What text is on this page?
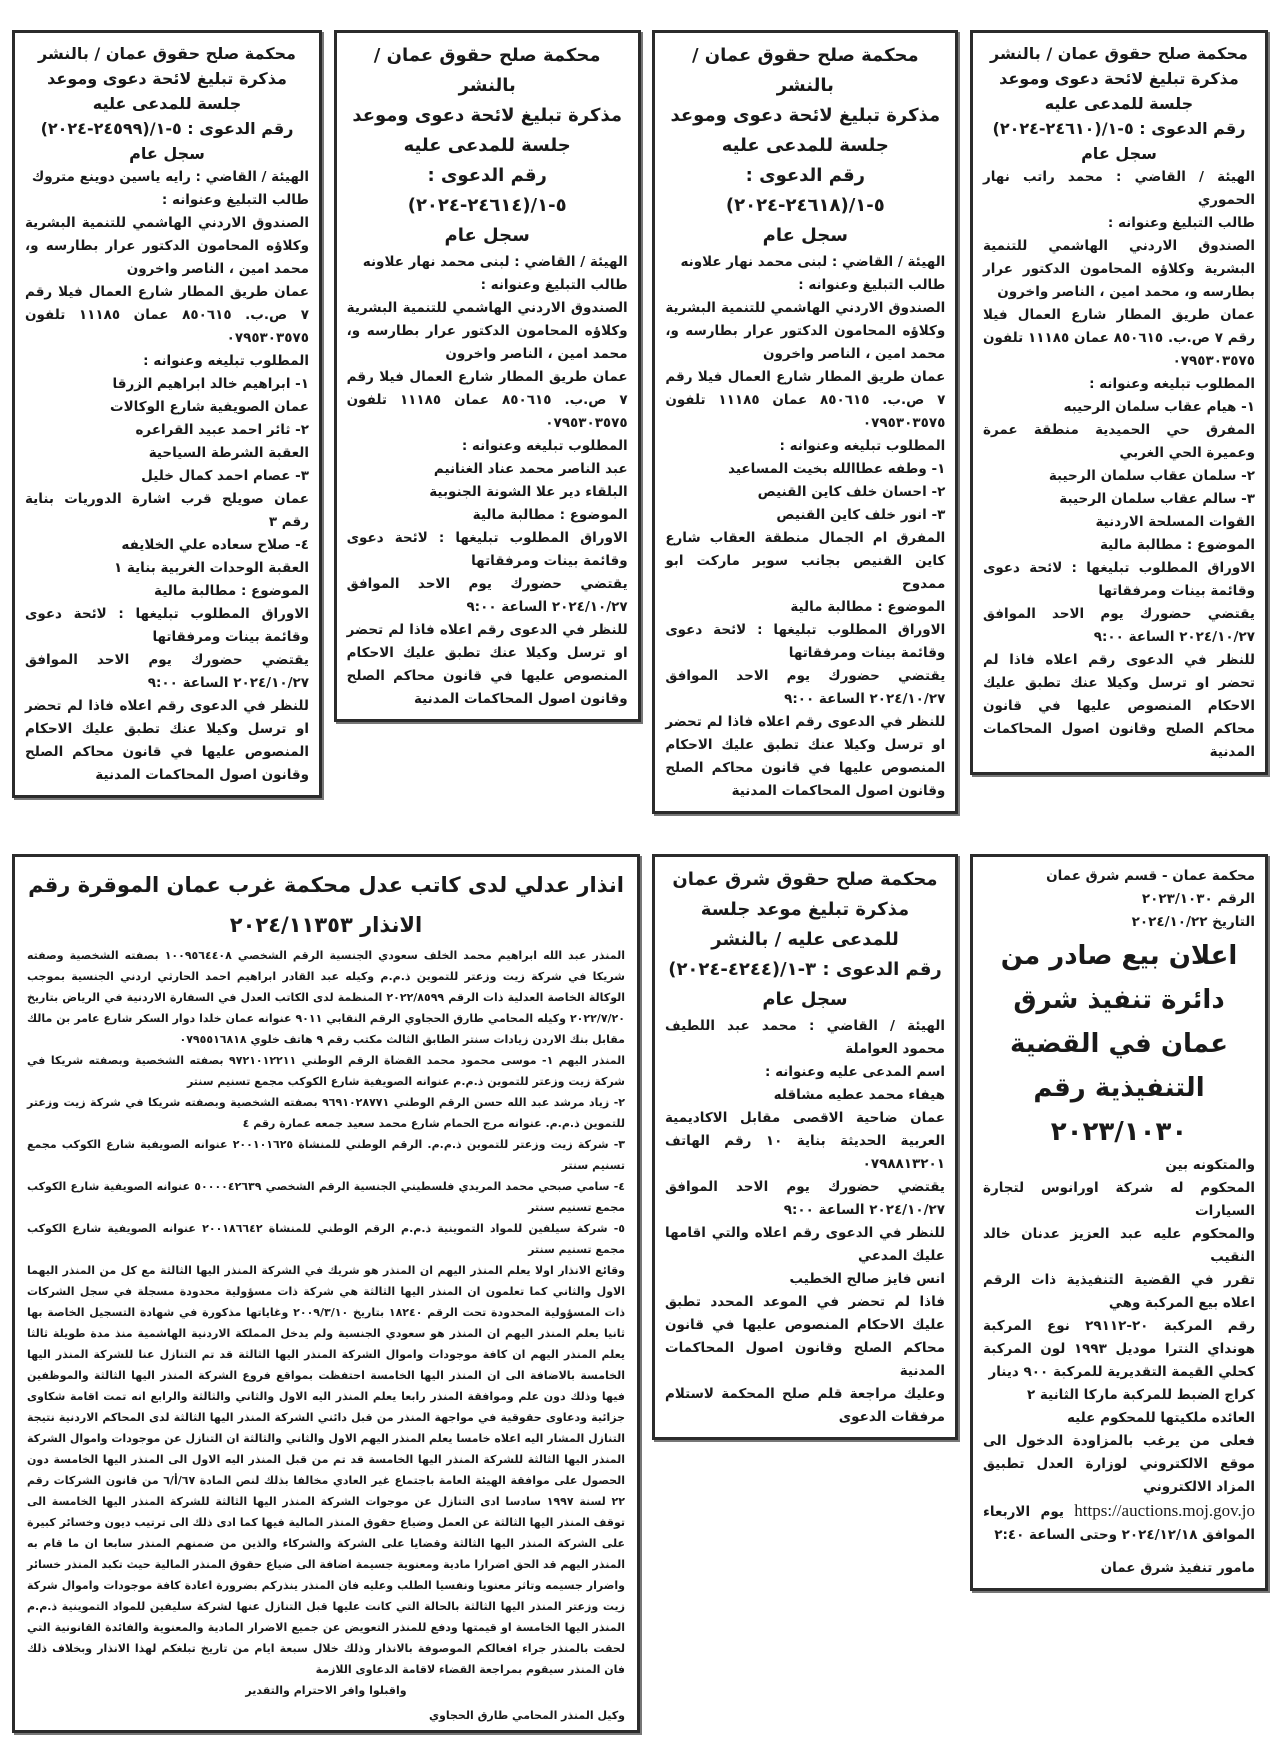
محكمة صلح حقوق عمان / بالنشر
مذكرة تبليغ لائحة دعوى وموعد جلسة للمدعى عليه
رقم الدعوى : ٥-١/(٢٤٦١٠-٢٠٢٤)
سجل عام
الهيئة / القاضي : محمد راتب نهار الحموري
طالب التبليغ وعنوانه :
الصندوق الاردني الهاشمي للتنمية البشرية وكلاؤه المحامون الدكتور عرار بطارسه و، محمد امين ، الناصر واخرون
عمان طريق المطار شارع العمال فيلا رقم ٧ ص.ب. ٨٥٠٦١٥ عمان ١١١٨٥ تلفون ٠٧٩٥٣٠٣٥٧٥
المطلوب تبليغه وعنوانه :
١- هيام عقاب سلمان الرحيبه
المفرق حي الحميدية منطقة عمرة وعميرة الحي الغربي
٢- سلمان عقاب سلمان الرحيبة
٣- سالم عقاب سلمان الرحيبة
القوات المسلحة الاردنية
الموضوع : مطالبة مالية
الاوراق المطلوب تبليغها : لائحة دعوى وقائمة بينات ومرفقاتها
يقتضي حضورك يوم الاحد الموافق ٢٠٢٤/١٠/٢٧ الساعة ٩:٠٠
للنظر في الدعوى رقم اعلاه فاذا لم تحضر او ترسل وكيلا عنك تطبق عليك الاحكام المنصوص عليها في قانون محاكم الصلح وقانون اصول المحاكمات المدنية
محكمة صلح حقوق عمان / بالنشر
مذكرة تبليغ لائحة دعوى وموعد جلسة للمدعى عليه
رقم الدعوى : ٥-١/(٢٤٦١٨-٢٠٢٤)
سجل عام
الهيئة / القاضي : لبنى محمد نهار علاونه
طالب التبليغ وعنوانه :
الصندوق الاردني الهاشمي للتنمية البشرية وكلاؤه المحامون الدكتور عرار بطارسه و، محمد امين ، الناصر واخرون
عمان طريق المطار شارع العمال فيلا رقم ٧ ص.ب. ٨٥٠٦١٥ عمان ١١١٨٥ تلفون ٠٧٩٥٣٠٣٥٧٥
المطلوب تبليغه وعنوانه :
١- وطفه عطاالله بخيت المساعيد
٢- احسان خلف كاين القنيص
٣- انور خلف كاين القنيص
المفرق ام الجمال منطقة العقاب شارع كاين القنيص بجانب سوبر ماركت ابو ممدوح
الموضوع : مطالبة مالية
الاوراق المطلوب تبليغها : لائحة دعوى وقائمة بينات ومرفقاتها
يقتضي حضورك يوم الاحد الموافق ٢٠٢٤/١٠/٢٧ الساعة ٩:٠٠
للنظر في الدعوى رقم اعلاه فاذا لم تحضر او ترسل وكيلا عنك تطبق عليك الاحكام المنصوص عليها في قانون محاكم الصلح وقانون اصول المحاكمات المدنية
محكمة صلح حقوق عمان / بالنشر
مذكرة تبليغ لائحة دعوى وموعد جلسة للمدعى عليه
رقم الدعوى : ٥-١/(٢٤٦١٤-٢٠٢٤)
سجل عام
الهيئة / القاضي : لبنى محمد نهار علاونه
طالب التبليغ وعنوانه :
الصندوق الاردني الهاشمي للتنمية البشرية وكلاؤه المحامون الدكتور عرار بطارسه و، محمد امين ، الناصر واخرون
عمان طريق المطار شارع العمال فيلا رقم ٧ ص.ب. ٨٥٠٦١٥ عمان ١١١٨٥ تلفون ٠٧٩٥٣٠٣٥٧٥
المطلوب تبليغه وعنوانه :
عبد الناصر محمد عناد الغنانيم
البلقاء دير علا الشونة الجنوبية
الموضوع : مطالبة مالية
الاوراق المطلوب تبليغها : لائحة دعوى وقائمة بينات ومرفقاتها
يقتضي حضورك يوم الاحد الموافق ٢٠٢٤/١٠/٢٧ الساعة ٩:٠٠
للنظر في الدعوى رقم اعلاه فاذا لم تحضر او ترسل وكيلا عنك تطبق عليك الاحكام المنصوص عليها في قانون محاكم الصلح وقانون اصول المحاكمات المدنية
محكمة صلح حقوق عمان / بالنشر
مذكرة تبليغ لائحة دعوى وموعد جلسة للمدعى عليه
رقم الدعوى : ٥-١/(٢٤٥٩٩-٢٠٢٤) سجل عام
الهيئة / القاضي : رايه ياسين دوينع متروك
طالب التبليغ وعنوانه :
الصندوق الاردني الهاشمي للتنمية البشرية وكلاؤه المحامون الدكتور عرار بطارسه و، محمد امين ، الناصر واخرون
عمان طريق المطار شارع العمال فيلا رقم ٧ ص.ب. ٨٥٠٦١٥ عمان ١١١٨٥ تلفون ٠٧٩٥٣٠٣٥٧٥
المطلوب تبليغه وعنوانه :
١- ابراهيم خالد ابراهيم الزرقا
عمان الصويفية شارع الوكالات
٢- ثائر احمد عبيد القراعره
العقبة الشرطة السياحية
٣- عصام احمد كمال خليل
عمان صويلح قرب اشارة الدوريات بناية رقم ٣
٤- صلاح سعاده علي الخلايفه
العقبة الوحدات الغربية بناية ١
الموضوع : مطالبة مالية
الاوراق المطلوب تبليغها : لائحة دعوى وقائمة بينات ومرفقاتها
يقتضي حضورك يوم الاحد الموافق ٢٠٢٤/١٠/٢٧ الساعة ٩:٠٠
للنظر في الدعوى رقم اعلاه فاذا لم تحضر او ترسل وكيلا عنك تطبق عليك الاحكام المنصوص عليها في قانون محاكم الصلح وقانون اصول المحاكمات المدنية
محكمة عمان - قسم شرق عمان
الرقم ٢٠٢٣/١٠٣٠
التاريخ ٢٠٢٤/١٠/٢٢
اعلان بيع صادر من دائرة تنفيذ شرق عمان في القضية التنفيذية رقم ٢٠٢٣/١٠٣٠
والمتكونه بين
المحكوم له شركة اورانوس لتجارة السيارات
والمحكوم عليه عبد العزيز عدنان خالد النقيب
تقرر في القضية التنفيذية ذات الرقم اعلاه بيع المركبة وهي
رقم المركبة ٢٠-٢٩١١٢ نوع المركبة هونداي النترا موديل ١٩٩٣ لون المركبة كحلي القيمة التقديرية للمركبة ٩٠٠ دينار
كراج الضبط للمركبة ماركا الثانية ٢
العائده ملكيتها للمحكوم عليه
فعلى من يرغب بالمزاودة الدخول الى موقع الالكتروني لوزارة العدل تطبيق المزاد الالكتروني
https://auctions.moj.gov.jo يوم الاربعاء الموافق ٢٠٢٤/١٢/١٨ وحتى الساعة ٢:٤٠
مامور تنفيذ شرق عمان
محكمة صلح حقوق شرق عمان
مذكرة تبليغ موعد جلسة للمدعى عليه / بالنشر
رقم الدعوى : ٣-١/(٤٢٤٤-٢٠٢٤)
سجل عام
الهيئة / القاضي : محمد عبد اللطيف محمود العواملة
اسم المدعى عليه وعنوانه :
هيفاء محمد عطيه مشاقله
عمان ضاحية الاقصى مقابل الاكاديمية العربية الحديثة بناية ١٠ رقم الهاتف ٠٧٩٨٨١٣٢٠١
يقتضي حضورك يوم الاحد الموافق ٢٠٢٤/١٠/٢٧ الساعة ٩:٠٠
للنظر في الدعوى رقم اعلاه والتي اقامها عليك المدعي
انس فايز صالح الخطيب
فاذا لم تحضر في الموعد المحدد تطبق عليك الاحكام المنصوص عليها في قانون محاكم الصلح وقانون اصول المحاكمات المدنية
وعليك مراجعة قلم صلح المحكمة لاستلام مرفقات الدعوى
انذار عدلي لدى كاتب عدل محكمة غرب عمان الموقرة رقم الانذار ٢٠٢٤/١١٣٥٣
المنذر عبد الله ابراهيم محمد الخلف سعودي الجنسية الرقم الشخصي ١٠٠٩٥٦٤٤٠٨ بصفته الشخصية وصفته شريكا في شركة زيت وزعتر للتموين ذ.م.م وكيله عبد القادر ابراهيم احمد الحارثي اردني الجنسية بموجب الوكالة الخاصة العدلية ذات الرقم ٢٠٢٢/٨٥٩٩ المنظمة لدى الكاتب العدل في السفارة الاردنية في الرياض بتاريخ ٢٠٢٢/٧/٢٠ وكيله المحامي طارق الحجاوي الرقم النقابي ٩٠١١ عنوانه عمان خلدا دوار السكر شارع عامر بن مالك مقابل بنك الاردن زيادات سنتر الطابق الثالث مكتب رقم ٩ هاتف خلوي ٠٧٩٥٥١٦٨١٨
المنذر اليهم ١- موسى محمود محمد القضاة الرقم الوطني ٩٧٢١٠١٢٢١١ بصفته الشخصية وبصفته شريكا في شركة زيت وزعتر للتموين ذ.م.م عنوانه الصويفية شارع الكوكب مجمع تسنيم سنتر
٢- زياد مرشد عبد الله حسن الرقم الوطني ٩٦٩١٠٢٨٧٧١ بصفته الشخصية وبصفته شريكا في شركة زيت وزعتر للتموين ذ.م.م. عنوانه مرج الحمام شارع محمد سعيد جمعه عمارة رقم ٤
٣- شركة زيت وزعتر للتموين ذ.م.م. الرقم الوطني للمنشاة ٢٠٠١٠١٦٢٥ عنوانه الصويفية شارع الكوكب مجمع تسنيم سنتر
٤- سامي صبحي محمد المريدي فلسطيني الجنسية الرقم الشخصي ٥٠٠٠٠٤٢٦٣٩ عنوانه الصويفية شارع الكوكب مجمع تسنيم سنتر
٥- شركة سيلفين للمواد التموينية ذ.م.م الرقم الوطني للمنشاة ٢٠٠١٨٦٦٤٢ عنوانه الصويفية شارع الكوكب مجمع تسنيم سنتر
وقائع الانذار اولا يعلم المنذر اليهم ان المنذر هو شريك في الشركة المنذر اليها الثالثة مع كل من المنذر اليهما الاول والثاني كما تعلمون ان المنذر اليها الثالثة هي شركة ذات مسؤولية محدودة مسجلة في سجل الشركات ذات المسؤولية المحدودة تحت الرقم ١٨٢٤٠ بتاريخ ٢٠٠٩/٣/١٠ وغاياتها مذكورة في شهادة التسجيل الخاصة بها ثانيا يعلم المنذر اليهم ان المنذر هو سعودي الجنسية ولم يدخل المملكة الاردنية الهاشمية منذ مدة طويلة ثالثا يعلم المنذر اليهم ان كافة موجودات واموال الشركة المنذر اليها الثالثة قد تم التنازل عنا للشركة المنذر اليها الخامسة بالاضافة الى ان المنذر اليها الخامسة احتفظت بمواقع فروع الشركة المنذر اليها الثالثة والموظفين فيها وذلك دون علم وموافقة المنذر رابعا يعلم المنذر اليه الاول والثاني والثالثة والرابع انه تمت اقامة شكاوى جزائية ودعاوى حقوقية في مواجهة المنذر من قبل دائني الشركة المنذر اليها الثالثة لدى المحاكم الاردنية نتيجة التنازل المشار اليه اعلاه خامسا يعلم المنذر اليهم الاول والثاني والثالثة ان التنازل عن موجودات واموال الشركة المنذر اليها الثالثة للشركة المنذر اليها الخامسة قد تم من قبل المنذر اليه الاول الى المنذر اليها الخامسة دون الحصول على موافقة الهيئة العامة باجتماع غير العادي مخالفا بذلك لنص المادة ٦٧/أ/٦ من قانون الشركات رقم ٢٢ لسنة ١٩٩٧ سادسا ادى التنازل عن موجوات الشركة المنذر اليها الثالثة للشركة المنذر اليها الخامسة الى توقف المنذر اليها الثالثة عن العمل وضياع حقوق المنذر المالية فيها كما ادى ذلك الى ترتيب ديون وخسائر كبيرة على الشركة المنذر اليها الثالثة وقضايا على الشركة والشركاء والذين من ضمنهم المنذر سابعا ان ما قام به المنذر اليهم قد الحق اضرارا مادية ومعنوية جسيمة اضافة الى ضياع حقوق المنذر المالية حيث تكبد المنذر خسائر واضرار جسيمه وتاثر معنويا ونفسيا الطلب وعليه فان المنذر ينذركم بضرورة اعادة كافة موجودات واموال شركة زيت وزعتر المنذر اليها الثالثة بالحالة التي كانت عليها قبل التنازل عنها لشركة سليفين للمواد التموينية ذ.م.م المنذر اليها الخامسة او قيمتها ودفع للمنذر التعويض عن جميع الاضرار المادية والمعنوية والفائدة القانونية التي لحقت بالمنذر جراء افعالكم الموصوفة بالانذار وذلك خلال سبعة ايام من تاريخ تبلغكم لهذا الانذار وبخلاف ذلك فان المنذر سيقوم بمراجعة القضاء لاقامة الدعاوى اللازمة
واقبلوا وافر الاحترام والتقدير
وكيل المنذر المحامي طارق الحجاوي
